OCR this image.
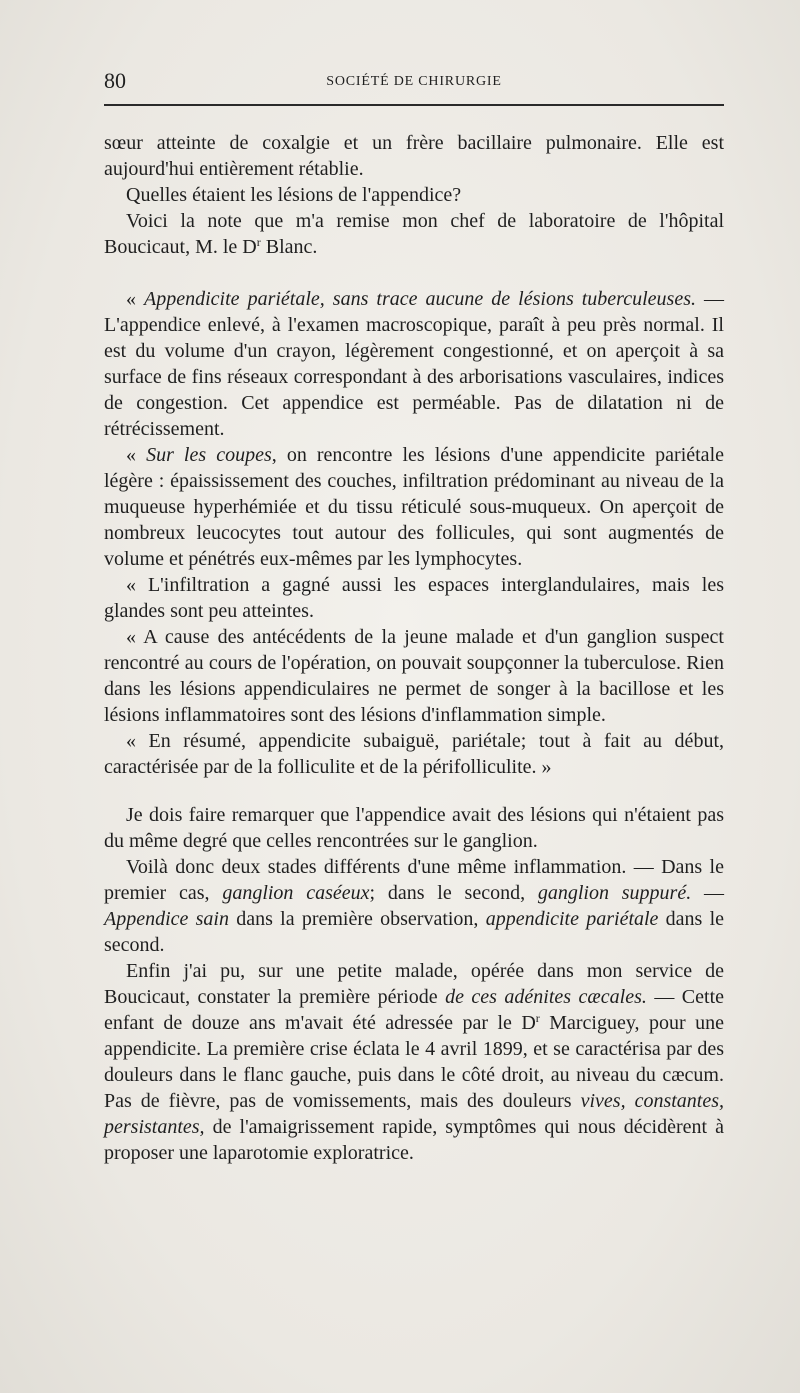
80	SOCIÉTÉ DE CHIRURGIE

sœur atteinte de coxalgie et un frère bacillaire pulmonaire. Elle est aujourd'hui entièrement rétablie.

Quelles étaient les lésions de l'appendice?

Voici la note que m'a remise mon chef de laboratoire de l'hôpital Boucicaut, M. le $D^r$ Blanc.

« Appendicite pariétale, sans trace aucune de lésions tuberculeuses. — L'appendice enlevé, à l'examen macroscopique, paraît à peu près normal. Il est du volume d'un crayon, légèrement congestionné, et on aperçoit à sa surface de fins réseaux correspondant à des arborisations vasculaires, indices de congestion. Cet appendice est perméable. Pas de dilatation ni de rétrécissement.

« Sur les coupes, on rencontre les lésions d'une appendicite pariétale légère : épaississement des couches, infiltration prédominant au niveau de la muqueuse hyperhémiée et du tissu réticulé sous-muqueux. On aperçoit de nombreux leucocytes tout autour des follicules, qui sont augmentés de volume et pénétrés eux-mêmes par les lymphocytes.

« L'infiltration a gagné aussi les espaces interglandulaires, mais les glandes sont peu atteintes.

« A cause des antécédents de la jeune malade et d'un ganglion suspect rencontré au cours de l'opération, on pouvait soupçonner la tuberculose. Rien dans les lésions appendiculaires ne permet de songer à la bacillose et les lésions inflammatoires sont des lésions d'inflammation simple.

« En résumé, appendicite subaiguë, pariétale; tout à fait au début, caractérisée par de la folliculite et de la périfolliculite. »

Je dois faire remarquer que l'appendice avait des lésions qui n'étaient pas du même degré que celles rencontrées sur le ganglion.

Voilà donc deux stades différents d'une même inflammation. — Dans le premier cas, ganglion caséeux; dans le second, ganglion suppuré. — Appendice sain dans la première observation, appendicite pariétale dans le second.

Enfin j'ai pu, sur une petite malade, opérée dans mon service de Boucicaut, constater la première période de ces adénites cæcales. — Cette enfant de douze ans m'avait été adressée par le $D^r$ Marciguey, pour une appendicite. La première crise éclata le 4 avril 1899, et se caractérisa par des douleurs dans le flanc gauche, puis dans le côté droit, au niveau du cæcum. Pas de fièvre, pas de vomissements, mais des douleurs vives, constantes, persistantes, de l'amaigrissement rapide, symptômes qui nous décidèrent à proposer une laparotomie exploratrice.
